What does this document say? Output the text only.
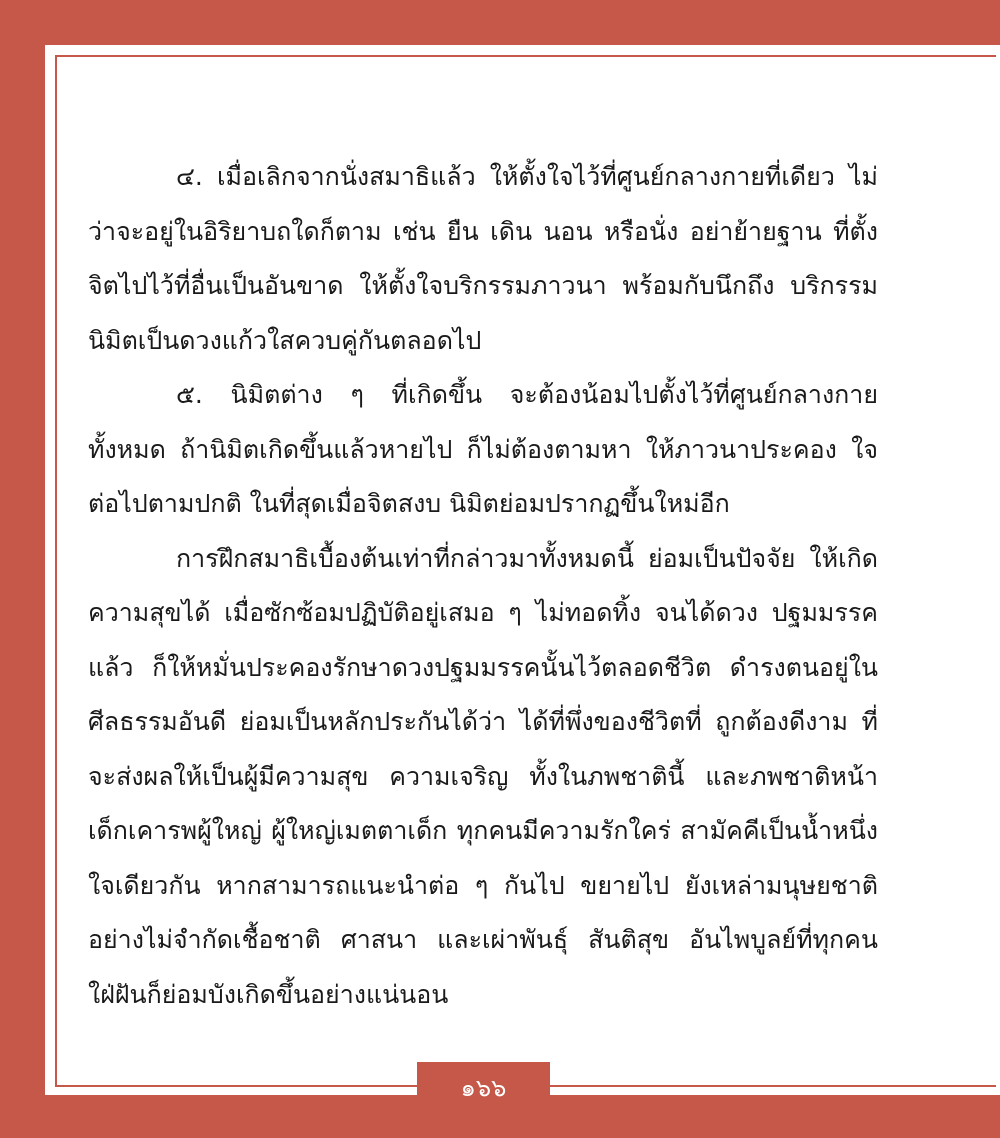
๔. เมื่อเลิกจากนั่งสมาธิแล้ว ให้ตั้งใจไว้ที่ศูนย์กลางกายที่เดียว ไม่ว่าจะอยู่ในอิริยาบถใดก็ตาม เช่น ยืน เดิน นอน หรือนั่ง อย่าย้ายฐาน ที่ตั้งจิตไปไว้ที่อื่นเป็นอันขาด ให้ตั้งใจบริกรรมภาวนา พร้อมกับนึกถึง บริกรรมนิมิตเป็นดวงแก้วใสควบคู่กันตลอดไป

๕. นิมิตต่าง ๆ ที่เกิดขึ้น จะต้องน้อมไปตั้งไว้ที่ศูนย์กลางกาย ทั้งหมด ถ้านิมิตเกิดขึ้นแล้วหายไป ก็ไม่ต้องตามหา ให้ภาวนาประคอง ใจต่อไปตามปกติ ในที่สุดเมื่อจิตสงบ นิมิตย่อมปรากฏขึ้นใหม่อีก

การฝึกสมาธิเบื้องต้นเท่าที่กล่าวมาทั้งหมดนี้ ย่อมเป็นปัจจัย ให้เกิดความสุขได้ เมื่อซักซ้อมปฏิบัติอยู่เสมอ ๆ ไม่ทอดทิ้ง จนได้ดวง ปฐมมรรคแล้ว ก็ให้หมั่นประคองรักษาดวงปฐมมรรคนั้นไว้ตลอดชีวิต ดำรงตนอยู่ในศีลธรรมอันดี ย่อมเป็นหลักประกันได้ว่า ได้ที่พึ่งของชีวิตที่ ถูกต้องดีงาม ที่จะส่งผลให้เป็นผู้มีความสุข ความเจริญ ทั้งในภพชาตินี้ และภพชาติหน้า เด็กเคารพผู้ใหญ่ ผู้ใหญ่เมตตาเด็ก ทุกคนมีความรักใคร่ สามัคคีเป็นน้ำหนึ่งใจเดียวกัน หากสามารถแนะนำต่อ ๆ กันไป ขยายไป ยังเหล่ามนุษยชาติอย่างไม่จำกัดเชื้อชาติ ศาสนา และเผ่าพันธุ์ สันติสุข อันไพบูลย์ที่ทุกคนใฝ่ฝันก็ย่อมบังเกิดขึ้นอย่างแน่นอน

๑๖๖
